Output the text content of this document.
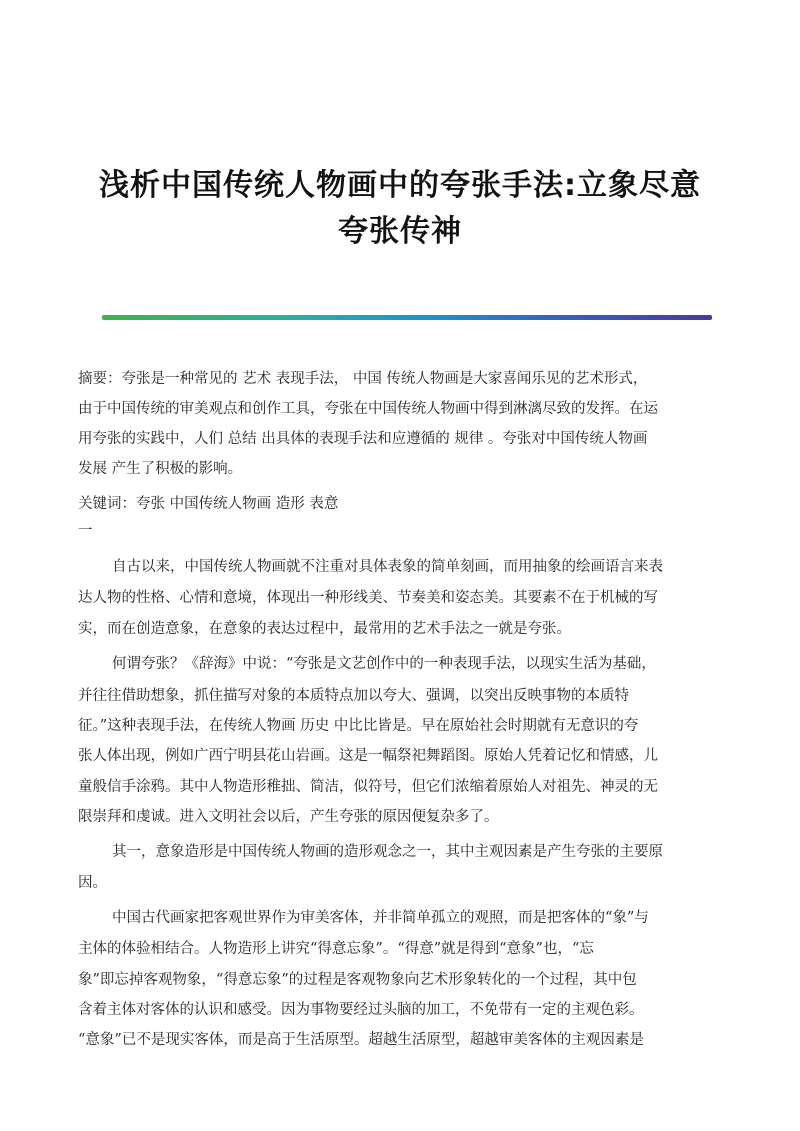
浅析中国传统人物画中的夸张手法:立象尽意
夸张传神
摘要：夸张是一种常见的 艺术 表现手法， 中国 传统人物画是大家喜闻乐见的艺术形式，
由于中国传统的审美观点和创作工具，夸张在中国传统人物画中得到淋漓尽致的发挥。在运
用夸张的实践中，人们 总结 出具体的表现手法和应遵循的 规律 。夸张对中国传统人物画
发展 产生了积极的影响。
关键词：夸张 中国传统人物画 造形 表意
一
自古以来，中国传统人物画就不注重对具体表象的简单刻画，而用抽象的绘画语言来表
达人物的性格、心情和意境，体现出一种形线美、节奏美和姿态美。其要素不在于机械的写
实，而在创造意象，在意象的表达过程中，最常用的艺术手法之一就是夸张。
何谓夸张？《辞海》中说：“夸张是文艺创作中的一种表现手法，以现实生活为基础，
并往往借助想象，抓住描写对象的本质特点加以夸大、强调，以突出反映事物的本质特
征。”这种表现手法，在传统人物画 历史 中比比皆是。早在原始社会时期就有无意识的夸
张人体出现，例如广西宁明县花山岩画。这是一幅祭祀舞蹈图。原始人凭着记忆和情感，儿
童般信手涂鸦。其中人物造形稚拙、简洁，似符号，但它们浓缩着原始人对祖先、神灵的无
限崇拜和虔诚。进入文明社会以后，产生夸张的原因便复杂多了。
其一，意象造形是中国传统人物画的造形观念之一，其中主观因素是产生夸张的主要原
因。
中国古代画家把客观世界作为审美客体，并非简单孤立的观照，而是把客体的“象”与
主体的体验相结合。人物造形上讲究“得意忘象”。“得意”就是得到“意象”也，“忘
象”即忘掉客观物象，“得意忘象”的过程是客观物象向艺术形象转化的一个过程，其中包
含着主体对客体的认识和感受。因为事物要经过头脑的加工，不免带有一定的主观色彩。
“意象”已不是现实客体，而是高于生活原型。超越生活原型，超越审美客体的主观因素是
